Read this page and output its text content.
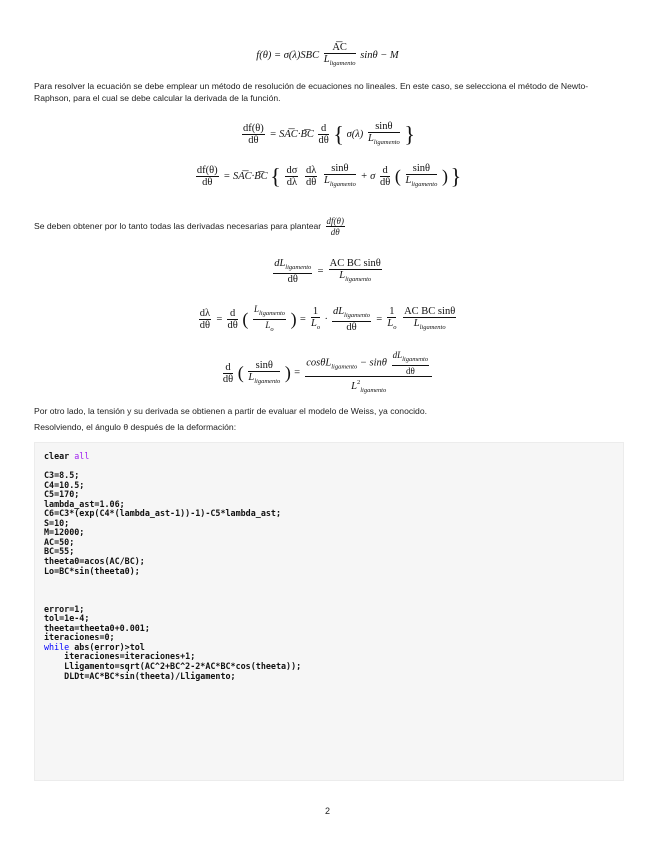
$f(\theta) = \sigma(\lambda)SBC \frac{A͞C}{L_{ligamento}}$ sinθ − M
Para resolver la ecuación se debe emplear un método de resolución de ecuaciones no lineales. En este caso, se selecciona el método de Newto-Raphson, para el cual se debe calcular la derivada de la función.
$\frac{df(\theta)}{d\theta}$ = SA͞C·B͞C $\frac{d}{d\theta}$ { $\sigma(\lambda) \frac{\sin\theta}{L_{ligamento}}$ }
$\frac{df(\theta)}{d\theta}$ = SA͞C·B͞C { $\frac{d\sigma}{d\lambda}$
$\frac{d\lambda}{d\theta}$
$\frac{\sin\theta}{L_{ligamento}} + \sigma \frac{d}{d\theta}$ ( $\frac{\sin\theta}{L_{ligamento}}$ ) }
Se deben obtener por lo tanto todas las derivadas necesarias para plantear $\frac{df(\theta)}{d\theta}$
$\frac{dL_{ligamento}}{d\theta} = \frac{\text{AC BC sinθ}}{L_{ligamento}}$
$\frac{d\lambda}{d\theta} = \frac{d}{d\theta}$ ( $\frac{L_{ligamento}}{L_o}$ ) = $\frac{1}{L_o} \cdot \frac{dL_{ligamento}}{d\theta} = \frac{1}{L_o}$
$\frac{\text{AC BC sinθ}}{L_{ligamento}}$
$\frac{d}{d\theta}$ ( $\frac{\sin\theta}{L_{ligamento}}$ ) = $\frac{\cos\theta L_{ligamento} - \sin\theta \frac{dL_{ligamento}}{d\theta}}{L^2_{ligamento}}$
Por otro lado, la tensión y su derivada se obtienen a partir de evaluar el modelo de Weiss, ya conocido.
Resolviendo, el ángulo θ después de la deformación:
clear all
C3=8.5;
C4=10.5;
C5=170;
lambda_ast=1.06;
C6=C3*(exp(C4*(lambda_ast-1))-1)-C5*lambda_ast;
S=10;
M=12000;
AC=50;
BC=55;
theeta0=acos(AC/BC);
Lo=BC*sin(theeta0);
error=1;
tol=1e-4;
theeta=theeta0+0.001;
iteraciones=0;
while abs(error)>tol
iteraciones=iteraciones+1;
Lligamento=sqrt(AC^2+BC^2-2*AC*BC*cos(theeta));
DLDt=AC*BC*sin(theeta)/Lligamento;
2
